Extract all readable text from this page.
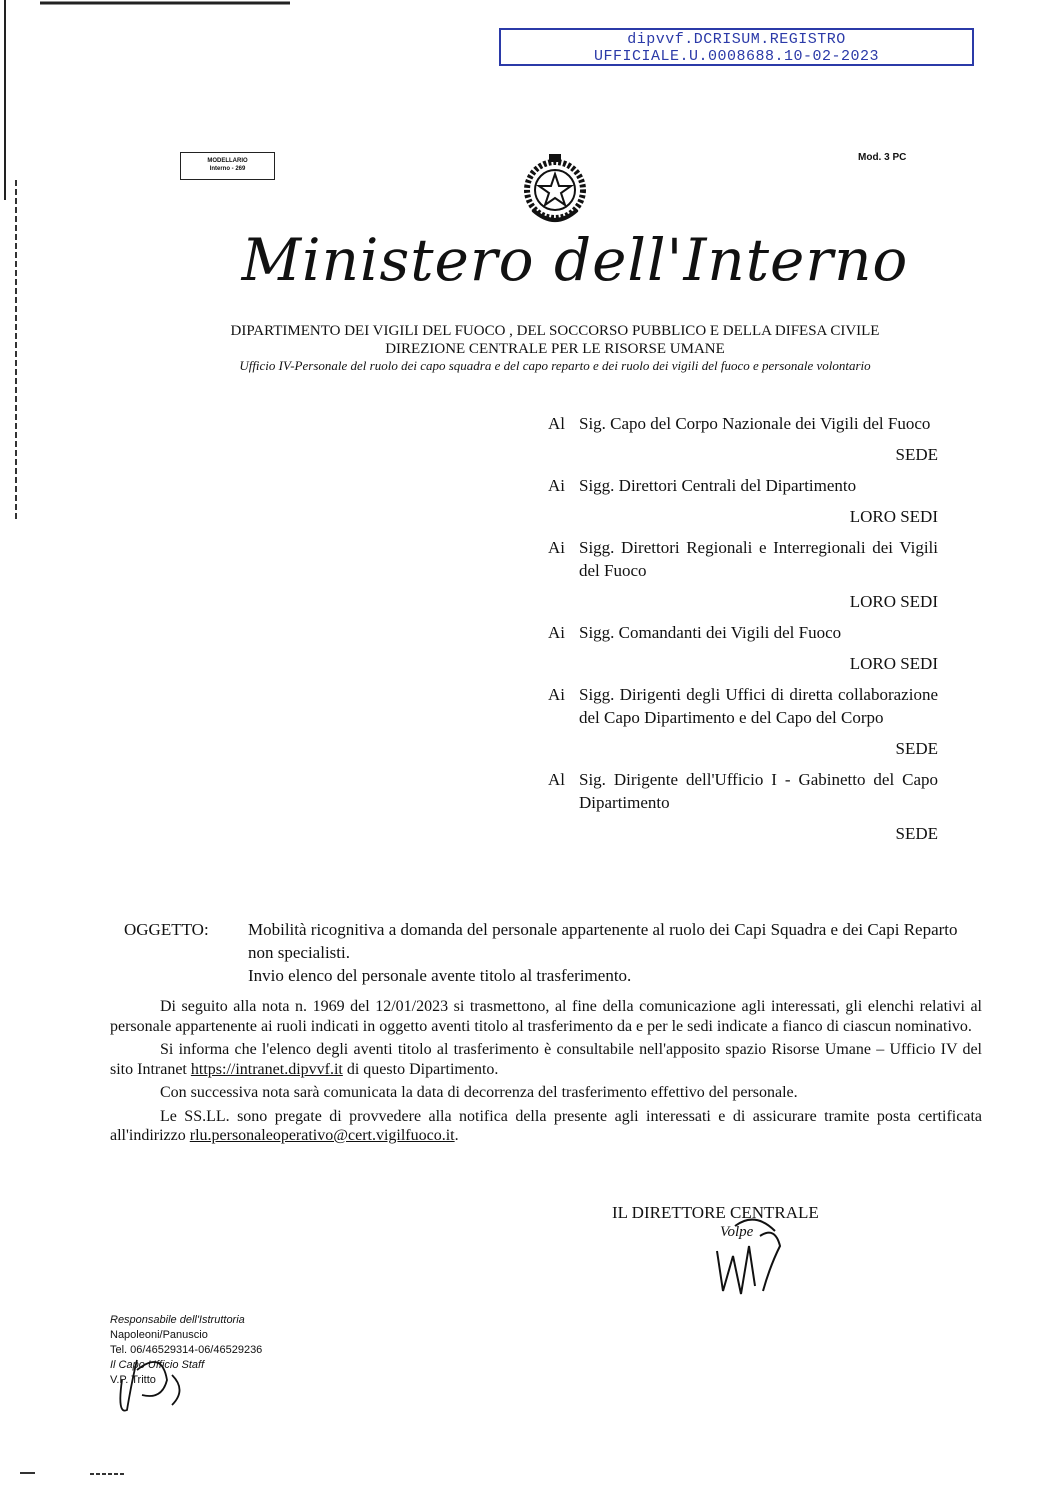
dipvvf.DCRISUM.REGISTRO
UFFICIALE.U.0008688.10-02-2023
MODELLARIO
Interno - 269
Mod. 3 PC
Ministero dell'Interno
DIPARTIMENTO DEI VIGILI DEL FUOCO , DEL SOCCORSO PUBBLICO E DELLA DIFESA CIVILE
DIREZIONE CENTRALE PER LE RISORSE UMANE
Ufficio IV-Personale del ruolo dei capo squadra e del capo reparto e dei ruolo dei vigili del fuoco e personale volontario
Al Sig. Capo del Corpo Nazionale dei Vigili del Fuoco
SEDE
Ai Sigg. Direttori Centrali del Dipartimento
LORO SEDI
Ai Sigg. Direttori Regionali e Interregionali dei Vigili del Fuoco
LORO SEDI
Ai Sigg. Comandanti dei Vigili del Fuoco
LORO SEDI
Ai Sigg. Dirigenti degli Uffici di diretta collaborazione del Capo Dipartimento e del Capo del Corpo
SEDE
Al Sig. Dirigente dell'Ufficio I - Gabinetto del Capo Dipartimento
SEDE
OGGETTO: Mobilità ricognitiva a domanda del personale appartenente al ruolo dei Capi Squadra e dei Capi Reparto non specialisti.
Invio elenco del personale avente titolo al trasferimento.

Di seguito alla nota n. 1969 del 12/01/2023 si trasmettono, al fine della comunicazione agli interessati, gli elenchi relativi al personale appartenente ai ruoli indicati in oggetto aventi titolo al trasferimento da e per le sedi indicate a fianco di ciascun nominativo.

Si informa che l'elenco degli aventi titolo al trasferimento è consultabile nell'apposito spazio Risorse Umane – Ufficio IV del sito Intranet https://intranet.dipvvf.it di questo Dipartimento.

Con successiva nota sarà comunicata la data di decorrenza del trasferimento effettivo del personale.

Le SS.LL. sono pregate di provvedere alla notifica della presente agli interessati e di assicurare tramite posta certificata all'indirizzo rlu.personaleoperativo@cert.vigilfuoco.it.

IL DIRETTORE CENTRALE
Volpe
Responsabile dell'Istruttoria
Napoleoni/Panuscio
Tel. 06/46529314-06/46529236
Il Capo Ufficio Staff
V.P. Tritto
